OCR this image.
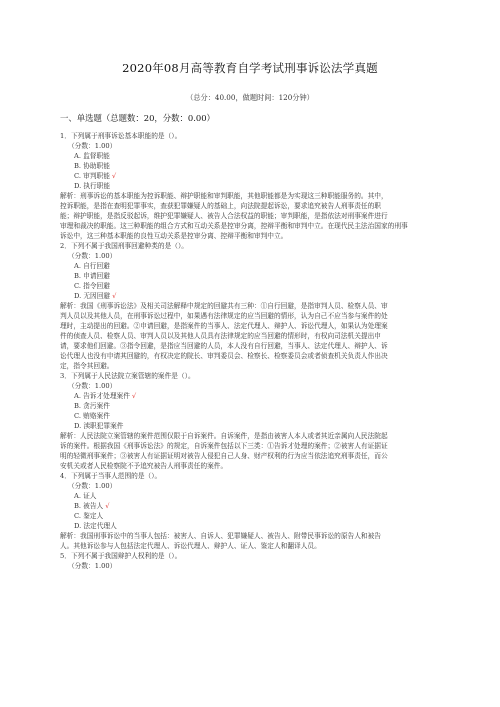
2020年08月高等教育自学考试刑事诉讼法学真题
（总分：40.00，做题时间：120分钟）
一、单选题（总题数：20，分数：0.00）
1．下列属于刑事诉讼基本职能的是（）。
（分数：1.00）
A. 监督职能
B. 协助职能
C. 审判职能 √
D. 执行职能
解析：刑事诉讼的基本职能为控诉职能、辩护职能和审判职能，其他职能都是为实现这三种职能服务的。其中，
控诉职能，是指在查明犯罪事实，查获犯罪嫌疑人的基础上，向法院提起诉讼，要求追究被告人刑事责任的职
能；辩护职能，是指反驳起诉，维护犯罪嫌疑人、被告人合法权益的职能；审判职能，是指依法对刑事案件进行
审理和裁决的职能。这三种职能的组合方式和互动关系是控审分离，控辩平衡和审判中立。在现代民主法治国家的刑事
诉讼中，这三种基本职能的良性互动关系是控审分离、控辩平衡和审判中立。
2．下列不属于我国刑事回避种类的是（）。
（分数：1.00）
A. 自行回避
B. 申请回避
C. 指令回避
D. 无因回避 √
解析：我国《刑事诉讼法》及相关司法解释中规定的回避共有三种：①自行回避，是指审判人员、检察人员、审
判人员以及其他人员，在刑事诉讼过程中，如果遇有法律规定的应当回避的情形，认为自己不应当参与案件的处
理时，主动提出的回避。②申请回避，是指案件的当事人、法定代理人、辩护人、诉讼代理人，如果认为处理案
件的侦查人员、检察人员、审判人员以及其他人员具有法律规定的应当回避的情形时，有权向司法机关提出申
请，要求他们回避。③指令回避，是指应当回避的人员，本人没有自行回避，当事人、法定代理人、辩护人、诉
讼代理人也没有申请其回避的，有权决定的院长、审判委员会、检察长、检察委员会或者侦查机关负责人作出决
定，指令其回避。
3．下列属于人民法院立案管辖的案件是（）。
（分数：1.00）
A. 告诉才处理案件 √
B. 贪污案件
C. 贿赂案件
D. 渎职犯罪案件
解析：人民法院立案管辖的案件范围仅限于自诉案件。自诉案件，是指由被害人本人或者其近亲属向人民法院起
诉的案件。根据我国《刑事诉讼法》的规定，自诉案件包括以下三类：①告诉才处理的案件；②被害人有证据证
明的轻微刑事案件；③被害人有证据证明对被告人侵犯自己人身、财产权利的行为应当依法追究刑事责任，而公
安机关或者人民检察院不予追究被告人刑事责任的案件。
4．下列属于当事人范围的是（）。
（分数：1.00）
A. 证人
B. 被告人 √
C. 鉴定人
D. 法定代理人
解析：我国刑事诉讼中的当事人包括：被害人、自诉人、犯罪嫌疑人、被告人、附带民事诉讼的原告人和被告
人。其他诉讼参与人包括法定代理人、诉讼代理人、辩护人、证人、鉴定人和翻译人员。
5．下列不属于我国辩护人权利的是（）。
（分数：1.00）
